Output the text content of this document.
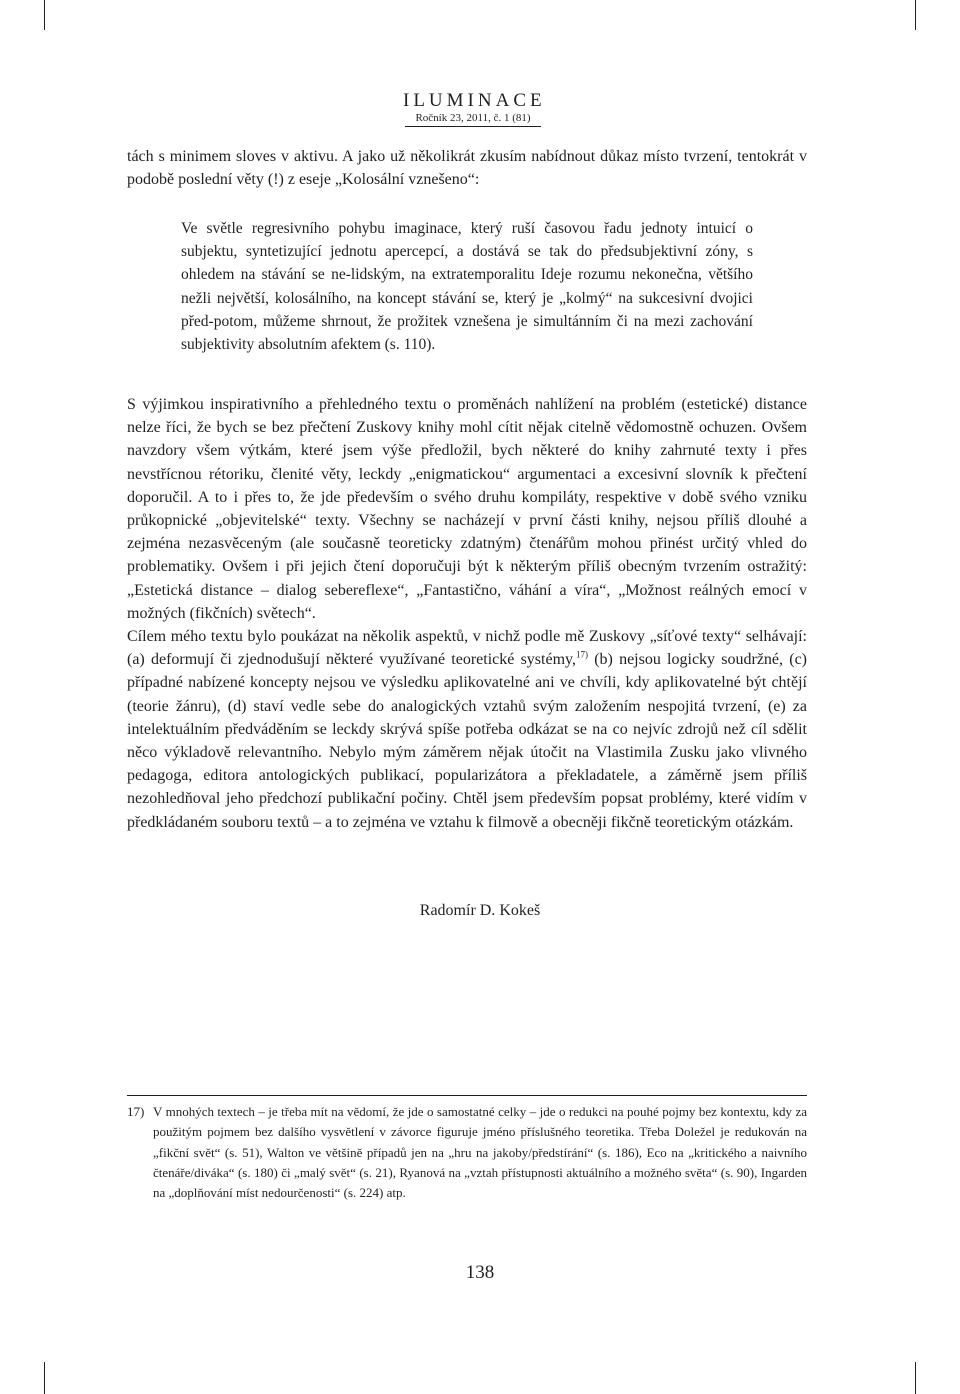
ILUMINACE
Ročník 23, 2011, č. 1 (81)

tách s minimem sloves v aktivu. A jako už několikrát zkusím nabídnout důkaz místo tvrzení, tentokrát v podobě poslední věty (!) z eseje „Kolosální vznešeno“:

Ve světle regresivního pohybu imaginace, který ruší časovou řadu jednoty intuicí o subjektu, syntetizující jednotu apercepcí, a dostává se tak do předsubjektivní zóny, s ohledem na stávání se ne-lidským, na extratemporalitu Ideje rozumu nekonečna, většího nežli největší, kolosálního, na koncept stávání se, který je „kolmý“ na sukcesivní dvojici před-potom, můžeme shrnout, že prožitek vznešena je simultánním či na mezi zachování subjektivity absolutním afektem (s. 110).

S výjimkou inspirativního a přehledného textu o proměnách nahlížení na problém (estetické) distance nelze říci, že bych se bez přečtení Zuskovy knihy mohl cítit nějak citelně vědomostně ochuzen. Ovšem navzdory všem výtkám, které jsem výše předložil, bych některé do knihy zahrnuté texty i přes nevstřícnou rétoriku, členité věty, leckdy „enigmatickou“ argumentaci a excesivní slovník k přečtení doporučil. A to i přes to, že jde především o svého druhu kompiláty, respektive v době svého vzniku průkopnické „objevitelské“ texty. Všechny se nacházejí v první části knihy, nejsou příliš dlouhé a zejména nezasvěceným (ale současně teoreticky zdatným) čtenářům mohou přinést určitý vhled do problematiky. Ovšem i při jejich čtení doporučuji být k některým příliš obecným tvrzením ostražitý: „Estetická distance – dialog sebereflexe“, „Fantastično, váhání a víra“, „Možnost reálných emocí v možných (fikčních) světech“.

Cílem mého textu bylo poukázat na několik aspektů, v nichž podle mě Zuskovy „síťové texty“ selhávají: (a) deformují či zjednodušují některé využívané teoretické systémy,$^{17)}$ (b) nejsou logicky soudržné, (c) případné nabízené koncepty nejsou ve výsledku aplikovatelné ani ve chvíli, kdy aplikovatelné být chtějí (teorie žánru), (d) staví vedle sebe do analogických vztahů svým založením nespojitá tvrzení, (e) za intelektuálním předváděním se leckdy skrývá spíše potřeba odkázat se na co nejvíc zdrojů než cíl sdělit něco výkladově relevantního. Nebylo mým záměrem nějak útočit na Vlastimila Zusku jako vlivného pedagoga, editora antologických publikací, popularizátora a překladatele, a záměrně jsem příliš nezohledňoval jeho předchozí publikační počiny. Chtěl jsem především popsat problémy, které vidím v předkládaném souboru textů – a to zejména ve vztahu k filmově a obecněji fikčně teoretickým otázkám.

Radomír D. Kokeš
17) V mnohých textech – je třeba mít na vědomí, že jde o samostatné celky – jde o redukci na pouhé pojmy bez kontextu, kdy za použitým pojmem bez dalšího vysvětlení v závorce figuruje jméno příslušného teoretika. Třeba Doležel je redukován na „fikční svět“ (s. 51), Walton ve většině případů jen na „hru na jakoby/předstírání“ (s. 186), Eco na „kritického a naivního čtenáře/diváka“ (s. 180) či „malý svět“ (s. 21), Ryanová na „vztah přístupnosti aktuálního a možného světa“ (s. 90), Ingarden na „doplňování míst nedourčenosti“ (s. 224) atp.
138
